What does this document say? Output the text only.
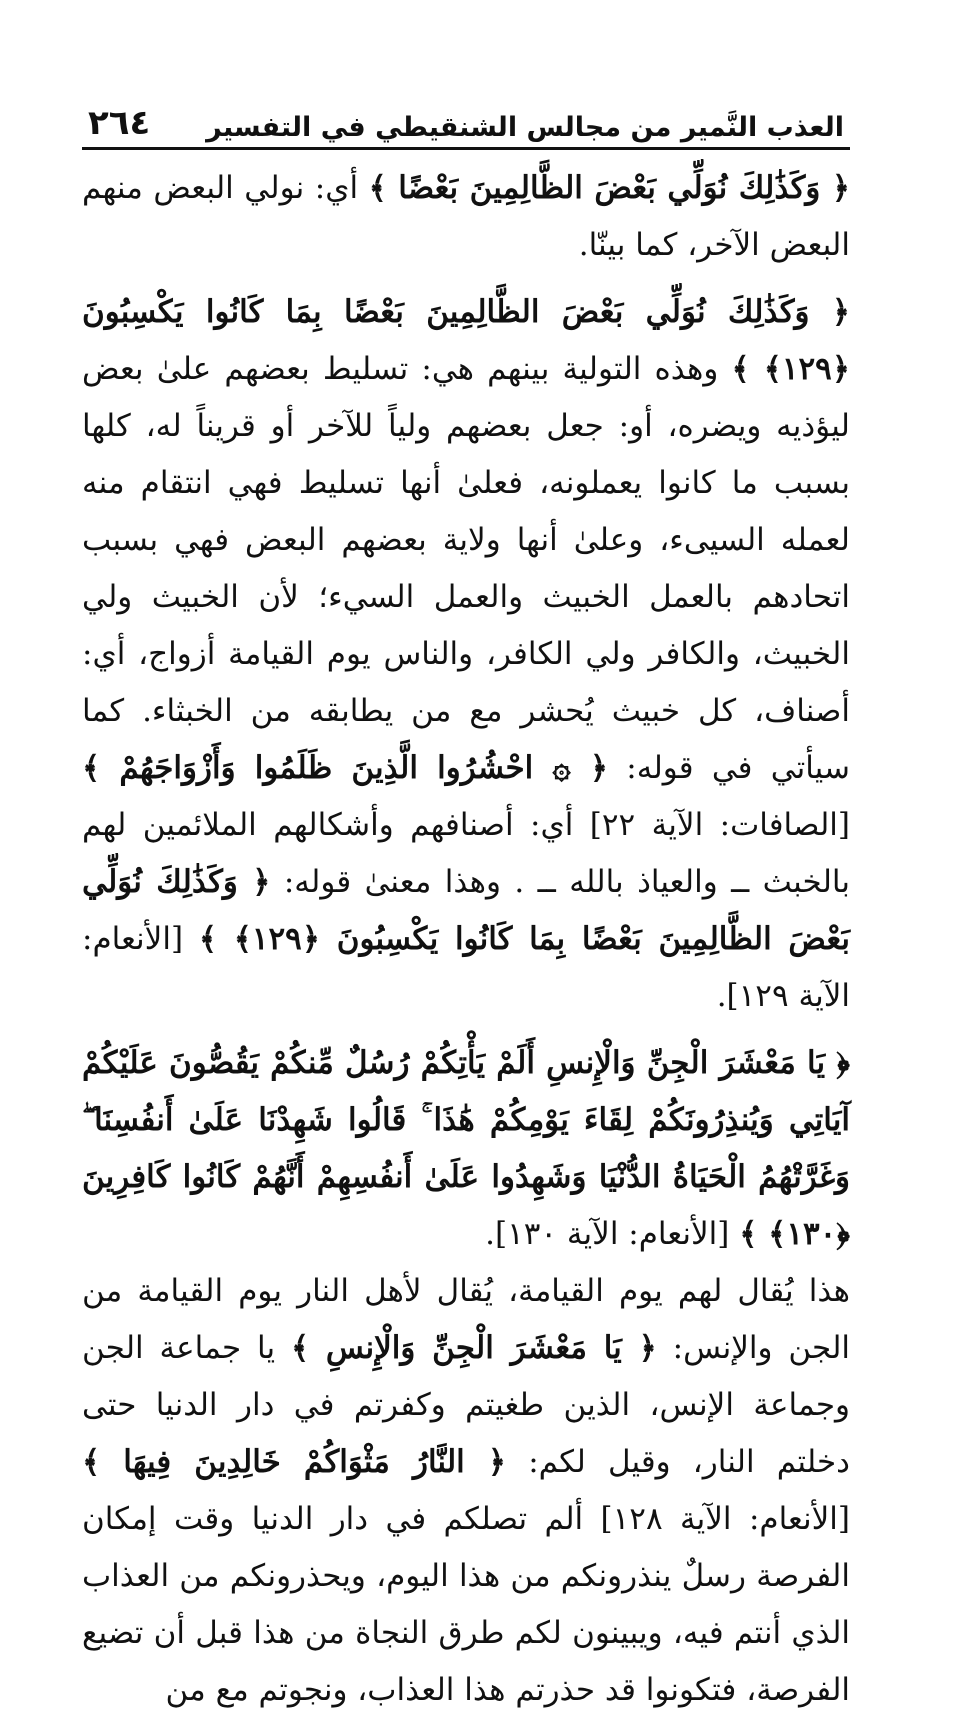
العذب النَّمير من مجالس الشنقيطي في التفسير
٢٦٤

﴿ وَكَذَٰلِكَ نُوَلِّي بَعْضَ الظَّالِمِينَ بَعْضًا ﴾ أي: نولي البعض منهم البعض الآخر، كما بينّا.

﴿ وَكَذَٰلِكَ نُوَلِّي بَعْضَ الظَّالِمِينَ بَعْضًا بِمَا كَانُوا يَكْسِبُونَ ﴿١٢٩﴾ ﴾ وهذه التولية بينهم هي: تسليط بعضهم علىٰ بعض ليؤذيه ويضره، أو: جعل بعضهم ولياً للآخر أو قريناً له، كلها بسبب ما كانوا يعملونه، فعلىٰ أنها تسليط فهي انتقام منه لعمله السيىء، وعلىٰ أنها ولاية بعضهم البعض فهي بسبب اتحادهم بالعمل الخبيث والعمل السيء؛ لأن الخبيث ولي الخبيث، والكافر ولي الكافر، والناس يوم القيامة أزواج، أي: أصناف، كل خبيث يُحشر مع من يطابقه من الخبثاء. كما سيأتي في قوله: ﴿ ۞ احْشُرُوا الَّذِينَ ظَلَمُوا وَأَزْوَاجَهُمْ ﴾ [الصافات: الآية ٢٢] أي: أصنافهم وأشكالهم الملائمين لهم بالخبث ــ والعياذ بالله ــ . وهذا معنىٰ قوله: ﴿ وَكَذَٰلِكَ نُوَلِّي بَعْضَ الظَّالِمِينَ بَعْضًا بِمَا كَانُوا يَكْسِبُونَ ﴿١٢٩﴾ ﴾ [الأنعام: الآية ١٢٩].

﴿ يَا مَعْشَرَ الْجِنِّ وَالْإِنسِ أَلَمْ يَأْتِكُمْ رُسُلٌ مِّنكُمْ يَقُصُّونَ عَلَيْكُمْ آيَاتِي وَيُنذِرُونَكُمْ لِقَاءَ يَوْمِكُمْ هَٰذَا ۚ قَالُوا شَهِدْنَا عَلَىٰ أَنفُسِنَا ۖ وَغَرَّتْهُمُ الْحَيَاةُ الدُّنْيَا وَشَهِدُوا عَلَىٰ أَنفُسِهِمْ أَنَّهُمْ كَانُوا كَافِرِينَ ﴿١٣٠﴾ ﴾ [الأنعام: الآية ١٣٠].

هذا يُقال لهم يوم القيامة، يُقال لأهل النار يوم القيامة من الجن والإنس: ﴿ يَا مَعْشَرَ الْجِنِّ وَالْإِنسِ ﴾ يا جماعة الجن وجماعة الإنس، الذين طغيتم وكفرتم في دار الدنيا حتى دخلتم النار، وقيل لكم: ﴿ النَّارُ مَثْوَاكُمْ خَالِدِينَ فِيهَا ﴾ [الأنعام: الآية ١٢٨] ألم تصلكم في دار الدنيا وقت إمكان الفرصة رسلٌ ينذرونكم من هذا اليوم، ويحذرونكم من العذاب الذي أنتم فيه، ويبينون لكم طرق النجاة من هذا قبل أن تضيع الفرصة، فتكونوا قد حذرتم هذا العذاب، ونجوتم مع من
